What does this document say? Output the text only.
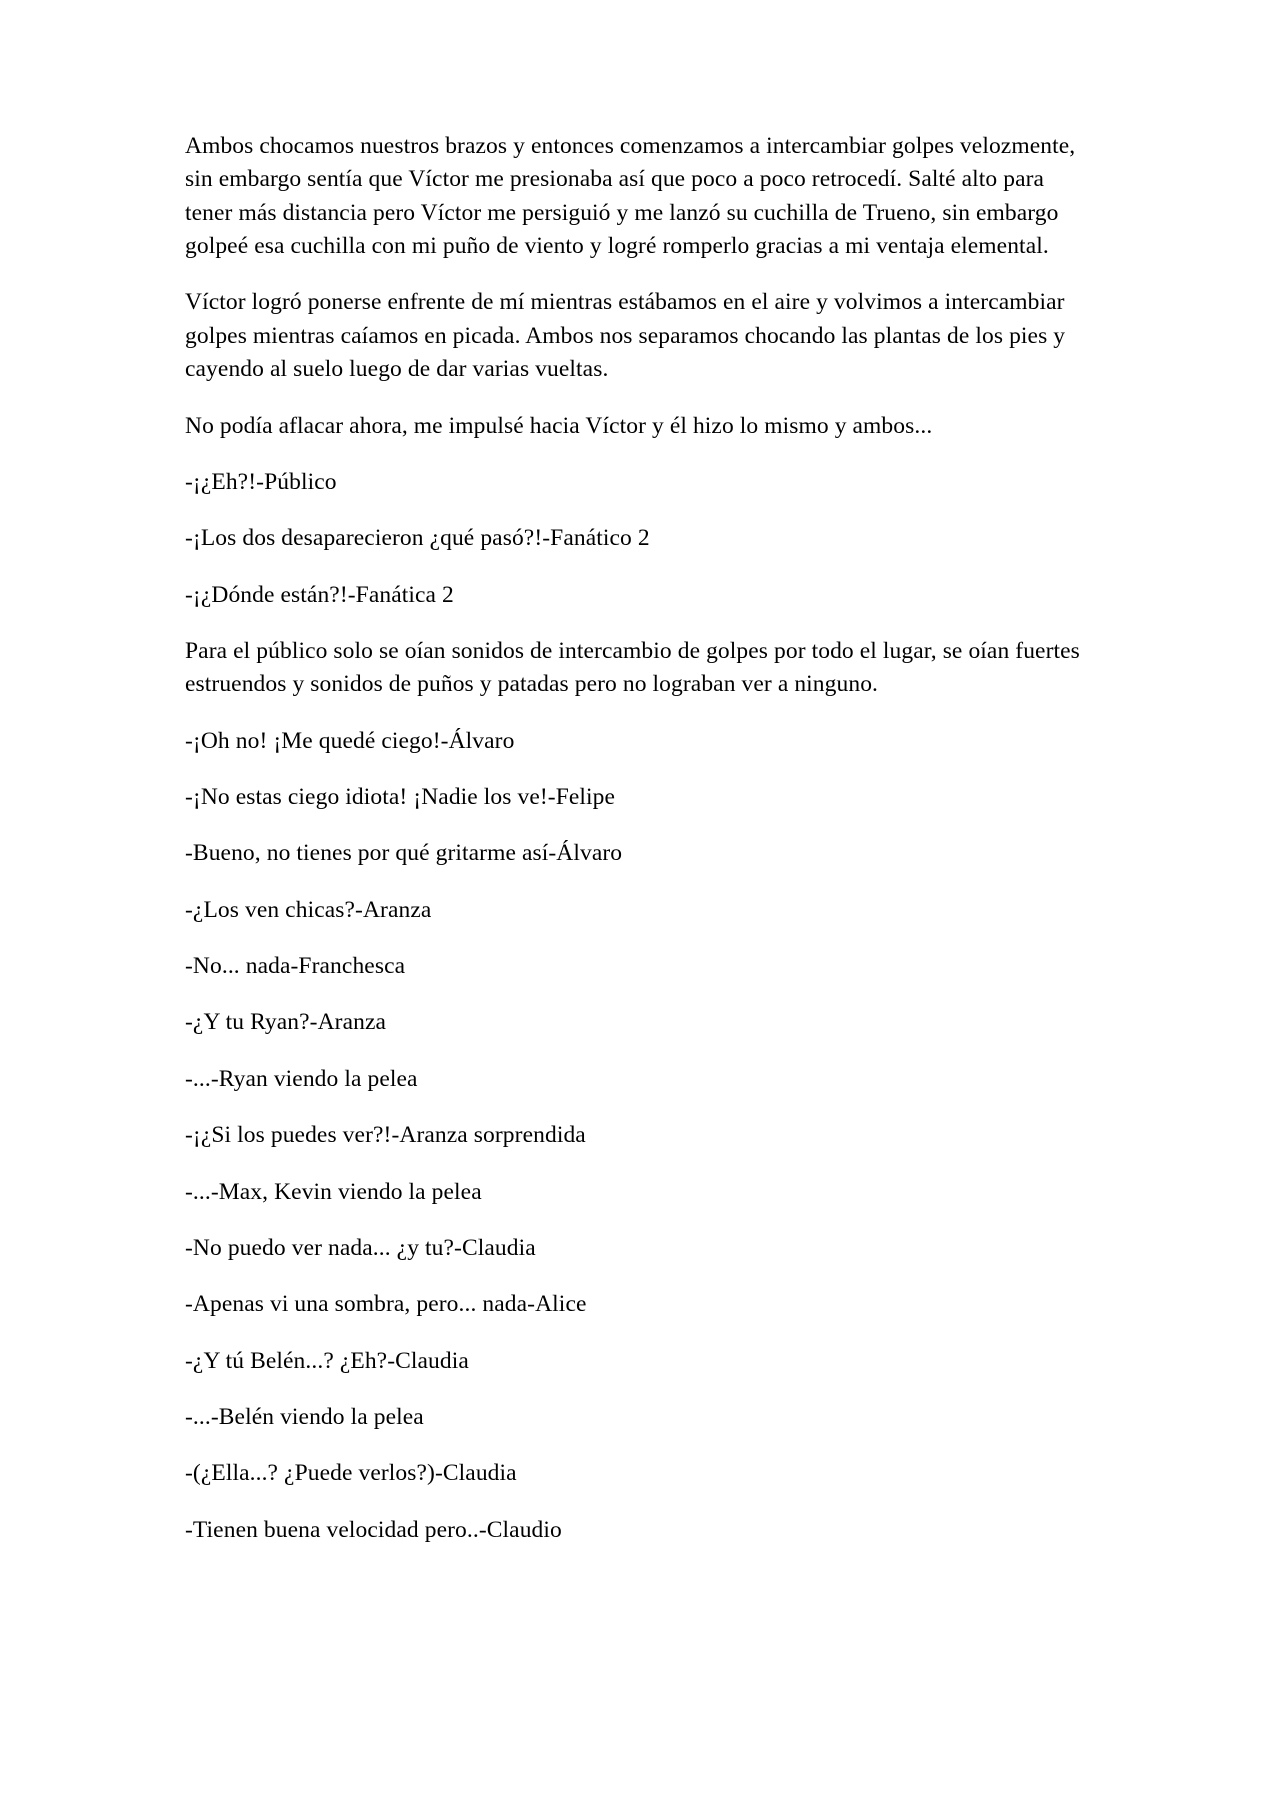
Ambos chocamos nuestros brazos y entonces comenzamos a intercambiar golpes velozmente, sin embargo sentía que Víctor me presionaba así que poco a poco retrocedí. Salté alto para tener más distancia pero Víctor me persiguió y me lanzó su cuchilla de Trueno, sin embargo golpeé esa cuchilla con mi puño de viento y logré romperlo gracias a mi ventaja elemental.

Víctor logró ponerse enfrente de mí mientras estábamos en el aire y volvimos a intercambiar golpes mientras caíamos en picada. Ambos nos separamos chocando las plantas de los pies y cayendo al suelo luego de dar varias vueltas.

No podía aflacar ahora, me impulsé hacia Víctor y él hizo lo mismo y ambos...

-¡¿Eh?!-Público

-¡Los dos desaparecieron ¿qué pasó?!-Fanático 2

-¡¿Dónde están?!-Fanática 2

Para el público solo se oían sonidos de intercambio de golpes por todo el lugar, se oían fuertes estruendos y sonidos de puños y patadas pero no lograban ver a ninguno.

-¡Oh no! ¡Me quedé ciego!-Álvaro

-¡No estas ciego idiota! ¡Nadie los ve!-Felipe

-Bueno, no tienes por qué gritarme así-Álvaro

-¿Los ven chicas?-Aranza

-No... nada-Franchesca

-¿Y tu Ryan?-Aranza

-...-Ryan viendo la pelea

-¡¿Si los puedes ver?!-Aranza sorprendida

-...-Max, Kevin viendo la pelea

-No puedo ver nada... ¿y tu?-Claudia

-Apenas vi una sombra, pero... nada-Alice

-¿Y tú Belén...? ¿Eh?-Claudia

-...-Belén viendo la pelea

-(¿Ella...? ¿Puede verlos?)-Claudia

-Tienen buena velocidad pero..-Claudio
